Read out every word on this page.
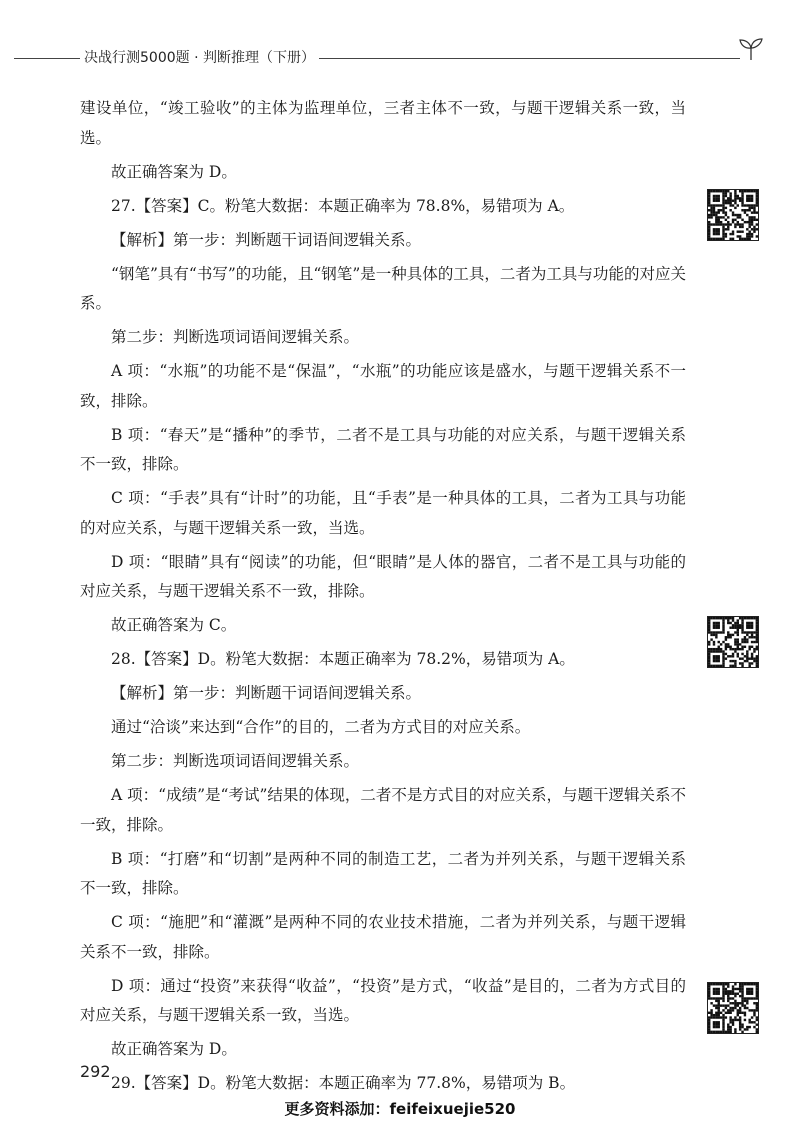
决战行测5000题 · 判断推理（下册）

建设单位，“竣工验收”的主体为监理单位，三者主体不一致，与题干逻辑关系一致，当选。

故正确答案为 D。

27.【答案】C。粉笔大数据：本题正确率为 78.8%，易错项为 A。

【解析】第一步：判断题干词语间逻辑关系。

“钢笔”具有“书写”的功能，且“钢笔”是一种具体的工具，二者为工具与功能的对应关系。

第二步：判断选项词语间逻辑关系。

A 项：“水瓶”的功能不是“保温”，“水瓶”的功能应该是盛水，与题干逻辑关系不一致，排除。

B 项：“春天”是“播种”的季节，二者不是工具与功能的对应关系，与题干逻辑关系不一致，排除。

C 项：“手表”具有“计时”的功能，且“手表”是一种具体的工具，二者为工具与功能的对应关系，与题干逻辑关系一致，当选。

D 项：“眼睛”具有“阅读”的功能，但“眼睛”是人体的器官，二者不是工具与功能的对应关系，与题干逻辑关系不一致，排除。

故正确答案为 C。

28.【答案】D。粉笔大数据：本题正确率为 78.2%，易错项为 A。

【解析】第一步：判断题干词语间逻辑关系。

通过“洽谈”来达到“合作”的目的，二者为方式目的对应关系。

第二步：判断选项词语间逻辑关系。

A 项：“成绩”是“考试”结果的体现，二者不是方式目的对应关系，与题干逻辑关系不一致，排除。

B 项：“打磨”和“切割”是两种不同的制造工艺，二者为并列关系，与题干逻辑关系不一致，排除。

C 项：“施肥”和“灌溉”是两种不同的农业技术措施，二者为并列关系，与题干逻辑关系不一致，排除。

D 项：通过“投资”来获得“收益”，“投资”是方式，“收益”是目的，二者为方式目的对应关系，与题干逻辑关系一致，当选。

故正确答案为 D。

29.【答案】D。粉笔大数据：本题正确率为 77.8%，易错项为 B。

292
更多资料添加：feifeixuejie520
